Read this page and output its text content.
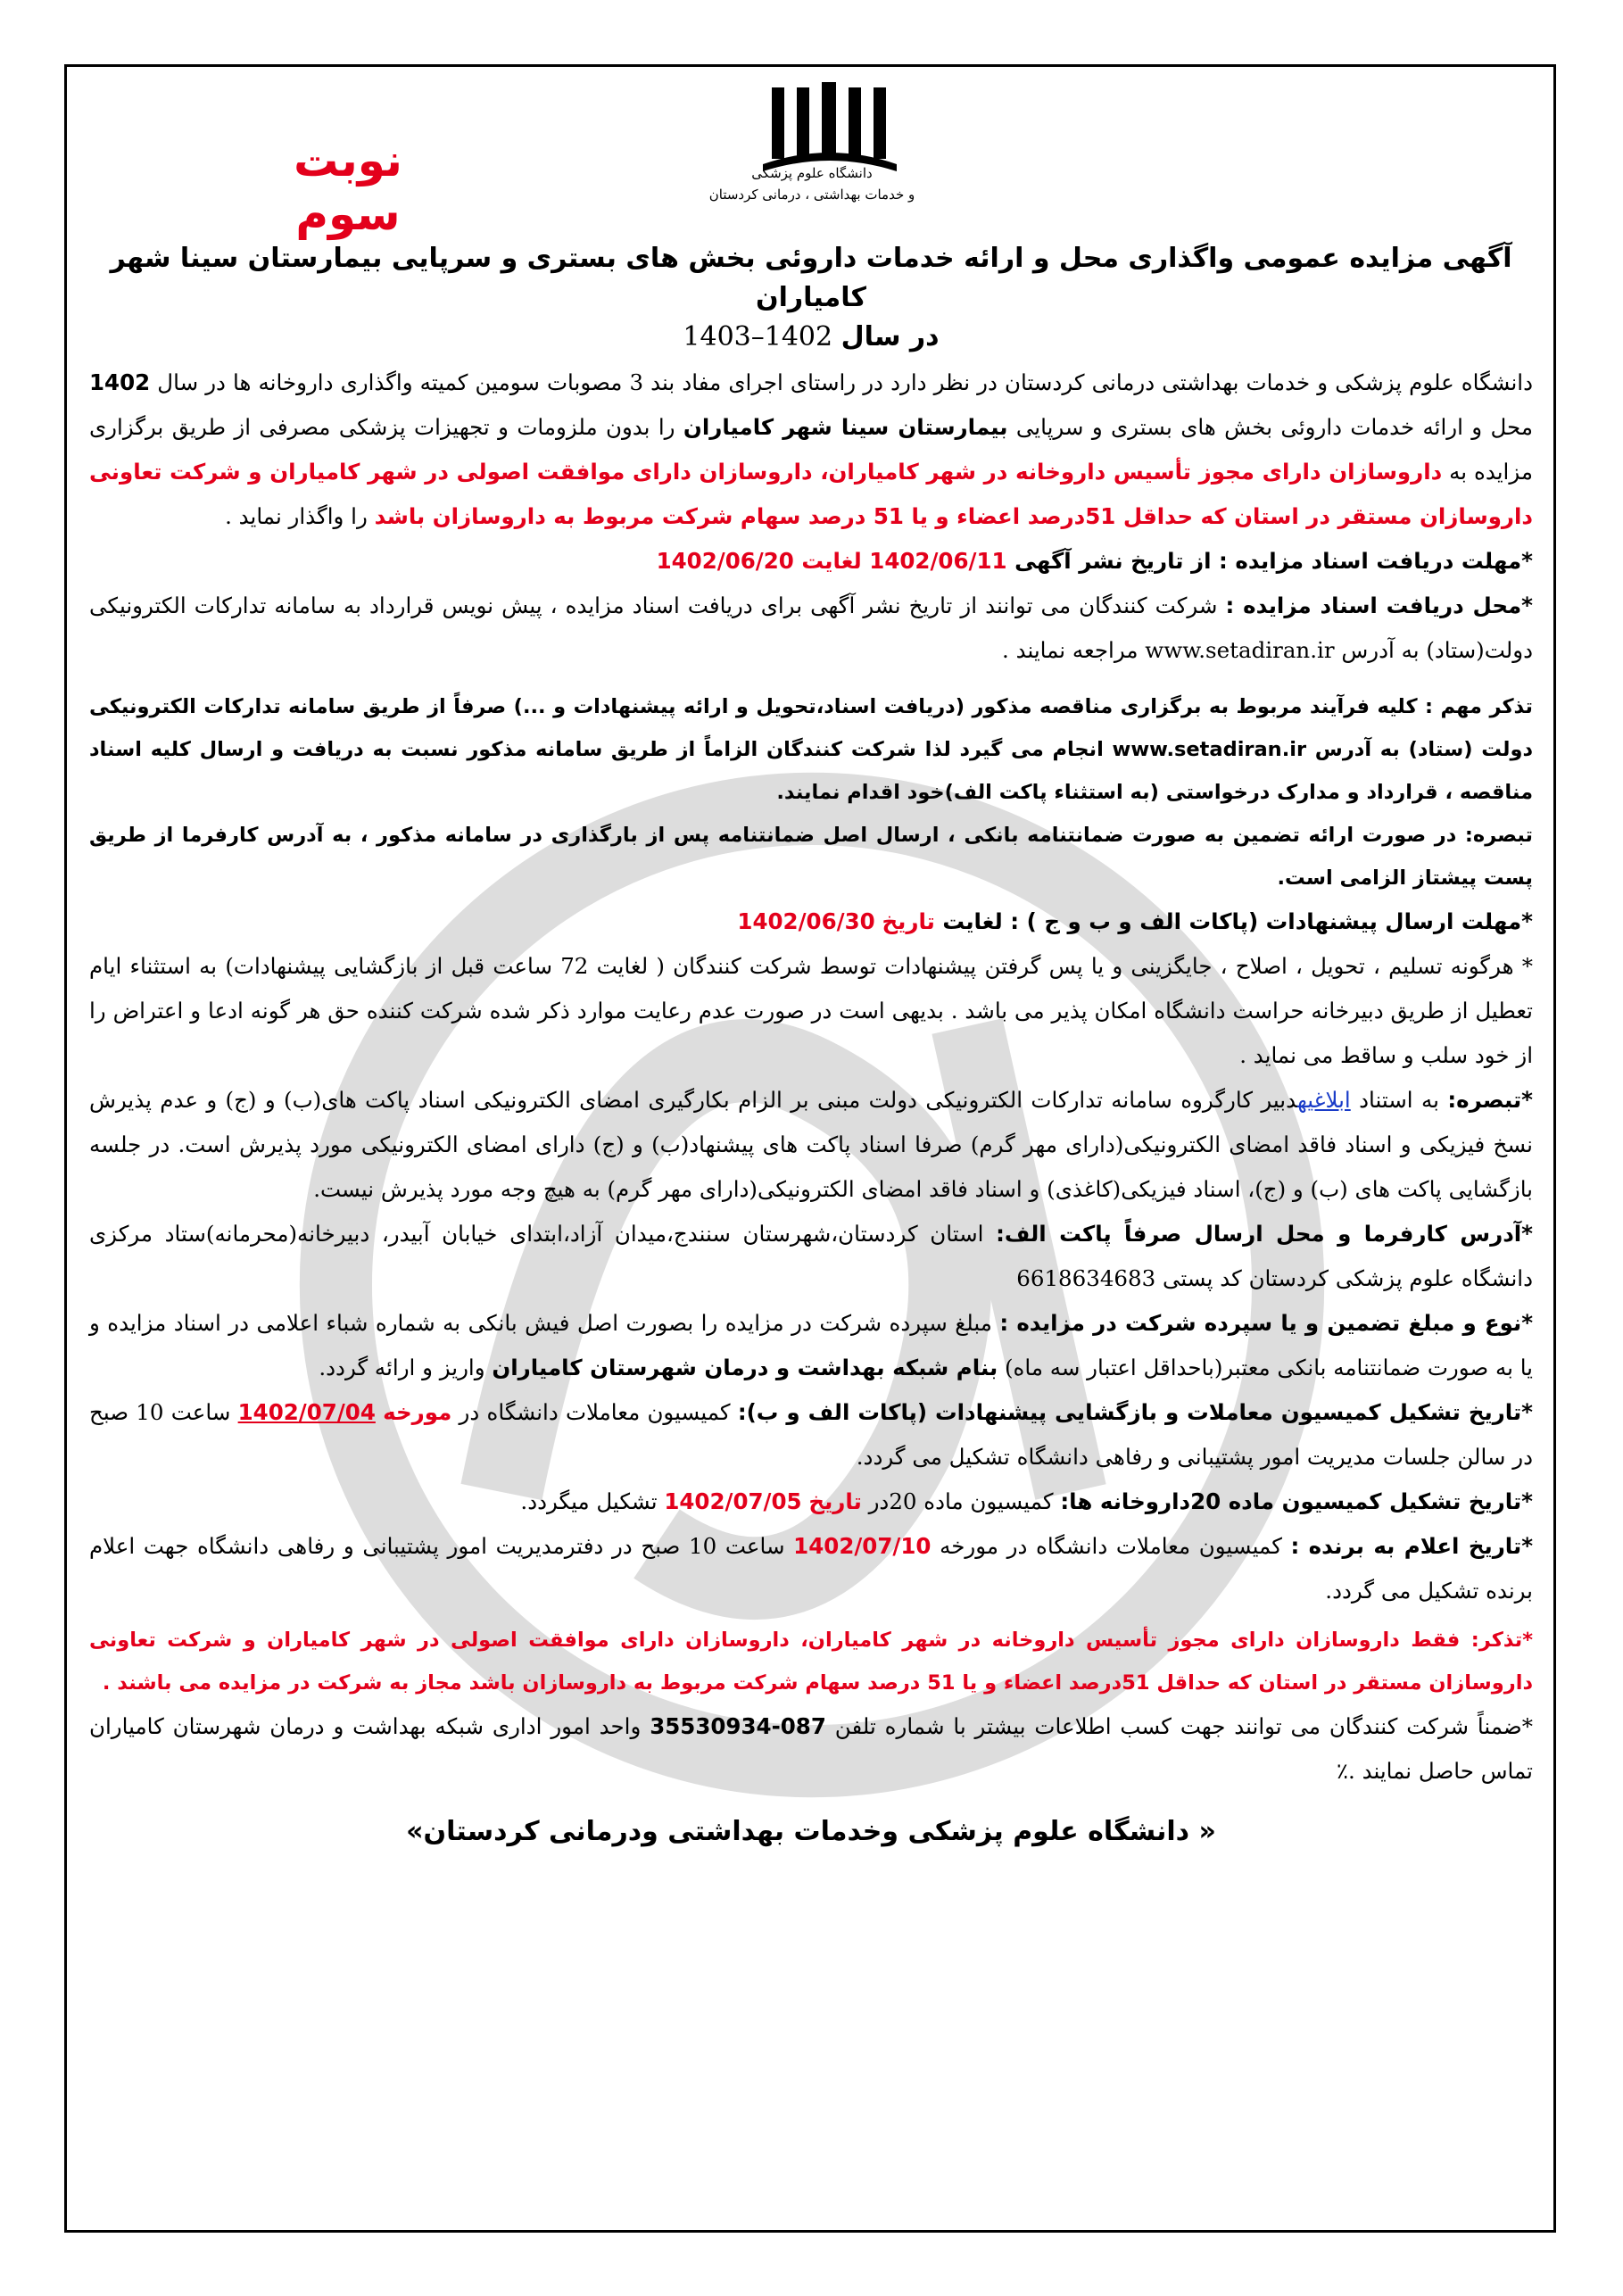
دانشگاه علوم پزشکی
و خدمات بهداشتی ، درمانی کردستان
نوبت سوم
آگهی مزایده عمومی واگذاری محل و ارائه خدمات داروئی بخش های بستری و سرپایی بیمارستان سینا شهر کامیاران
در سال 1403–1402

دانشگاه علوم پزشکی و خدمات بهداشتی درمانی کردستان در نظر دارد در راستای اجرای مفاد بند 3 مصوبات سومین کمیته واگذاری داروخانه ها در سال 1402 محل و ارائه خدمات داروئی بخش های بستری و سرپایی بیمارستان سینا شهر کامیاران را بدون ملزومات و تجهیزات پزشکی مصرفی از طریق برگزاری مزایده به داروسازان دارای مجوز تأسیس داروخانه در شهر کامیاران، داروسازان دارای موافقت اصولی در شهر کامیاران و شرکت تعاونی داروسازان مستقر در استان که حداقل 51درصد اعضاء و یا 51 درصد سهام شرکت مربوط به داروسازان باشد را واگذار نماید .

*مهلت دریافت اسناد مزایده : از تاریخ نشر آگهی 1402/06/11 لغایت 1402/06/20

*محل دریافت اسناد مزایده : شرکت کنندگان می توانند از تاریخ نشر آگهی برای دریافت اسناد مزایده ، پیش نویس قرارداد به سامانه تدارکات الکترونیکی دولت(ستاد) به آدرس www.setadiran.ir مراجعه نمایند .

تذکر مهم : کلیه فرآیند مربوط به برگزاری مناقصه مذکور (دریافت اسناد،تحویل و ارائه پیشنهادات و ...) صرفاً از طریق سامانه تدارکات الکترونیکی دولت (ستاد) به آدرس www.setadiran.ir انجام می گیرد لذا شرکت کنندگان الزاماً از طریق سامانه مذکور نسبت به دریافت و ارسال کلیه اسناد مناقصه ، قرارداد و مدارک درخواستی (به استثناء پاکت الف)خود اقدام نمایند.

تبصره: در صورت ارائه تضمین به صورت ضمانتنامه بانکی ، ارسال اصل ضمانتنامه پس از بارگذاری در سامانه مذکور ، به آدرس کارفرما از طریق پست پیشتاز الزامی است.

*مهلت ارسال پیشنهادات (پاکات الف و ب و ج ) : لغایت تاریخ 1402/06/30

* هرگونه تسلیم ، تحویل ، اصلاح ، جایگزینی و یا پس گرفتن پیشنهادات توسط شرکت کنندگان ( لغایت 72 ساعت قبل از بازگشایی پیشنهادات) به استثناء ایام تعطیل از طریق دبیرخانه حراست دانشگاه امکان پذیر می باشد . بدیهی است در صورت عدم رعایت موارد ذکر شده شرکت کننده حق هر گونه ادعا و اعتراض را از خود سلب و ساقط می نماید .

*تبصره: به استناد ابلاغیهدبیر کارگروه سامانه تدارکات الکترونیکی دولت مبنی بر الزام بکارگیری امضای الکترونیکی اسناد پاکت های(ب) و (ج) و عدم پذیرش نسخ فیزیکی و اسناد فاقد امضای الکترونیکی(دارای مهر گرم) صرفا اسناد پاکت های پیشنهاد(ب) و (ج) دارای امضای الکترونیکی مورد پذیرش است. در جلسه بازگشایی پاکت های (ب) و (ج)، اسناد فیزیکی(کاغذی) و اسناد فاقد امضای الکترونیکی(دارای مهر گرم) به هیچ وجه مورد پذیرش نیست.

*آدرس کارفرما و محل ارسال صرفاً پاکت الف: استان کردستان،شهرستان سنندج،میدان آزاد،ابتدای خیابان آبیدر، دبیرخانه(محرمانه)ستاد مرکزی دانشگاه علوم پزشکی کردستان کد پستی 6618634683

*نوع و مبلغ تضمین و یا سپرده شرکت در مزایده : مبلغ سپرده شرکت در مزایده را بصورت اصل فیش بانکی به شماره شباء اعلامی در اسناد مزایده و یا به صورت ضمانتنامه بانکی معتبر(باحداقل اعتبار سه ماه) بنام شبکه بهداشت و درمان شهرستان کامیاران واریز و ارائه گردد.

*تاریخ تشکیل کمیسیون معاملات و بازگشایی پیشنهادات (پاکات الف و ب): کمیسیون معاملات دانشگاه در مورخه 1402/07/04 ساعت 10 صبح در سالن جلسات مدیریت امور پشتیبانی و رفاهی دانشگاه تشکیل می گردد.

*تاریخ تشکیل کمیسیون ماده 20داروخانه ها: کمیسیون ماده 20در تاریخ 1402/07/05 تشکیل میگردد.

*تاریخ اعلام به برنده : کمیسیون معاملات دانشگاه در مورخه 1402/07/10 ساعت 10 صبح در دفترمدیریت امور پشتیبانی و رفاهی دانشگاه جهت اعلام برنده تشکیل می گردد.

*تذکر: فقط داروسازان دارای مجوز تأسیس داروخانه در شهر کامیاران، داروسازان دارای موافقت اصولی در شهر کامیاران و شرکت تعاونی داروسازان مستقر در استان که حداقل 51درصد اعضاء و یا 51 درصد سهام شرکت مربوط به داروسازان باشد مجاز به شرکت در مزایده می باشند .

*ضمناً شرکت کنندگان می توانند جهت کسب اطلاعات بیشتر با شماره تلفن 087-35530934 واحد امور اداری شبکه بهداشت و درمان شهرستان کامیاران تماس حاصل نمایند .٪

« دانشگاه علوم پزشکی وخدمات بهداشتی ودرمانی کردستان»
